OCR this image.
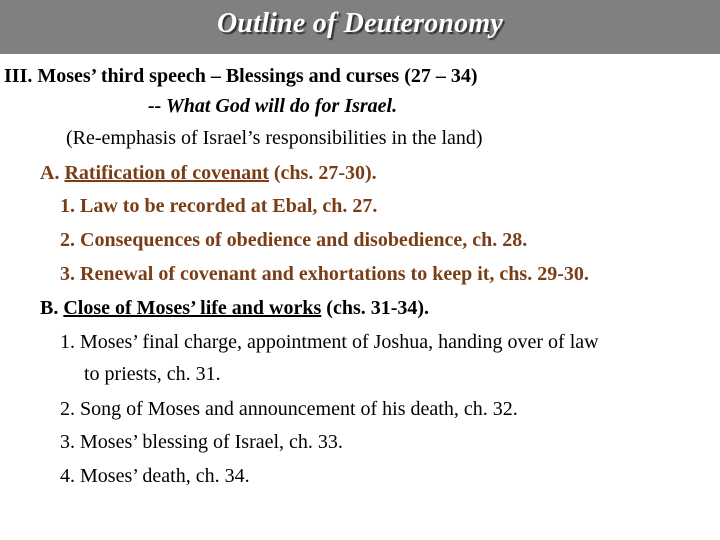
Outline of Deuteronomy
III. Moses’ third speech – Blessings and curses (27 – 34)
-- What God will do for Israel.
(Re-emphasis of Israel’s responsibilities in the land)
A. Ratification of covenant (chs. 27-30).
1. Law to be recorded at Ebal, ch. 27.
2. Consequences of obedience and disobedience, ch. 28.
3. Renewal of covenant and exhortations to keep it, chs. 29-30.
B. Close of Moses’ life and works (chs. 31-34).
1. Moses’ final charge, appointment of Joshua, handing over of law
to priests, ch. 31.
2. Song of Moses and announcement of his death, ch. 32.
3. Moses’ blessing of Israel, ch. 33.
4. Moses’ death, ch. 34.
